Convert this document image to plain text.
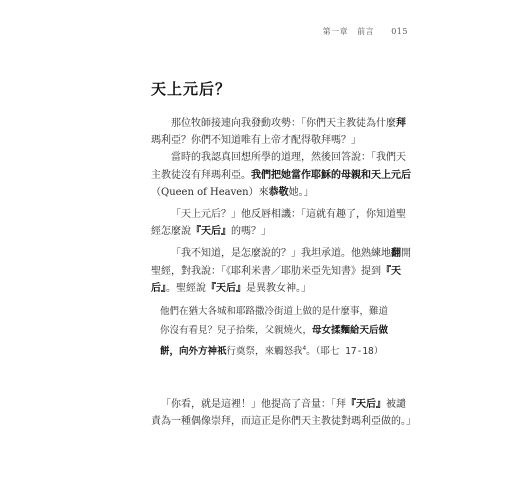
第一章 前言 015
天上元后？

那位牧師接連向我發動攻勢：「你們天主教徒為什麼拜瑪利亞？你們不知道唯有上帝才配得敬拜嗎？」

當時的我認真回想所學的道理，然後回答說：「我們天主教徒沒有拜瑪利亞。我們把她當作耶穌的母親和天上元后（Queen of Heaven）來恭敬她。」

「天上元后？」他反唇相譏：「這就有趣了，你知道聖經怎麼說『天后』的嗎？」

「我不知道，是怎麼說的？」我坦承道。他熟練地翻開聖經，對我說：「《耶利米書／耶肋米亞先知書》提到『天后』。聖經說『天后』是異教女神。」

他們在猶大各城和耶路撒冷街道上做的是什麼事，難道你沒有看見？兒子拾柴，父親燒火，母女揉麵給天后做餅，向外方神祇行奠祭，來觸怒我$^4$。（耶七 17-18）

「你看，就是這裡！」他提高了音量：「拜『天后』被譴責為一種偶像崇拜，而這正是你們天主教徒對瑪利亞做的。」
